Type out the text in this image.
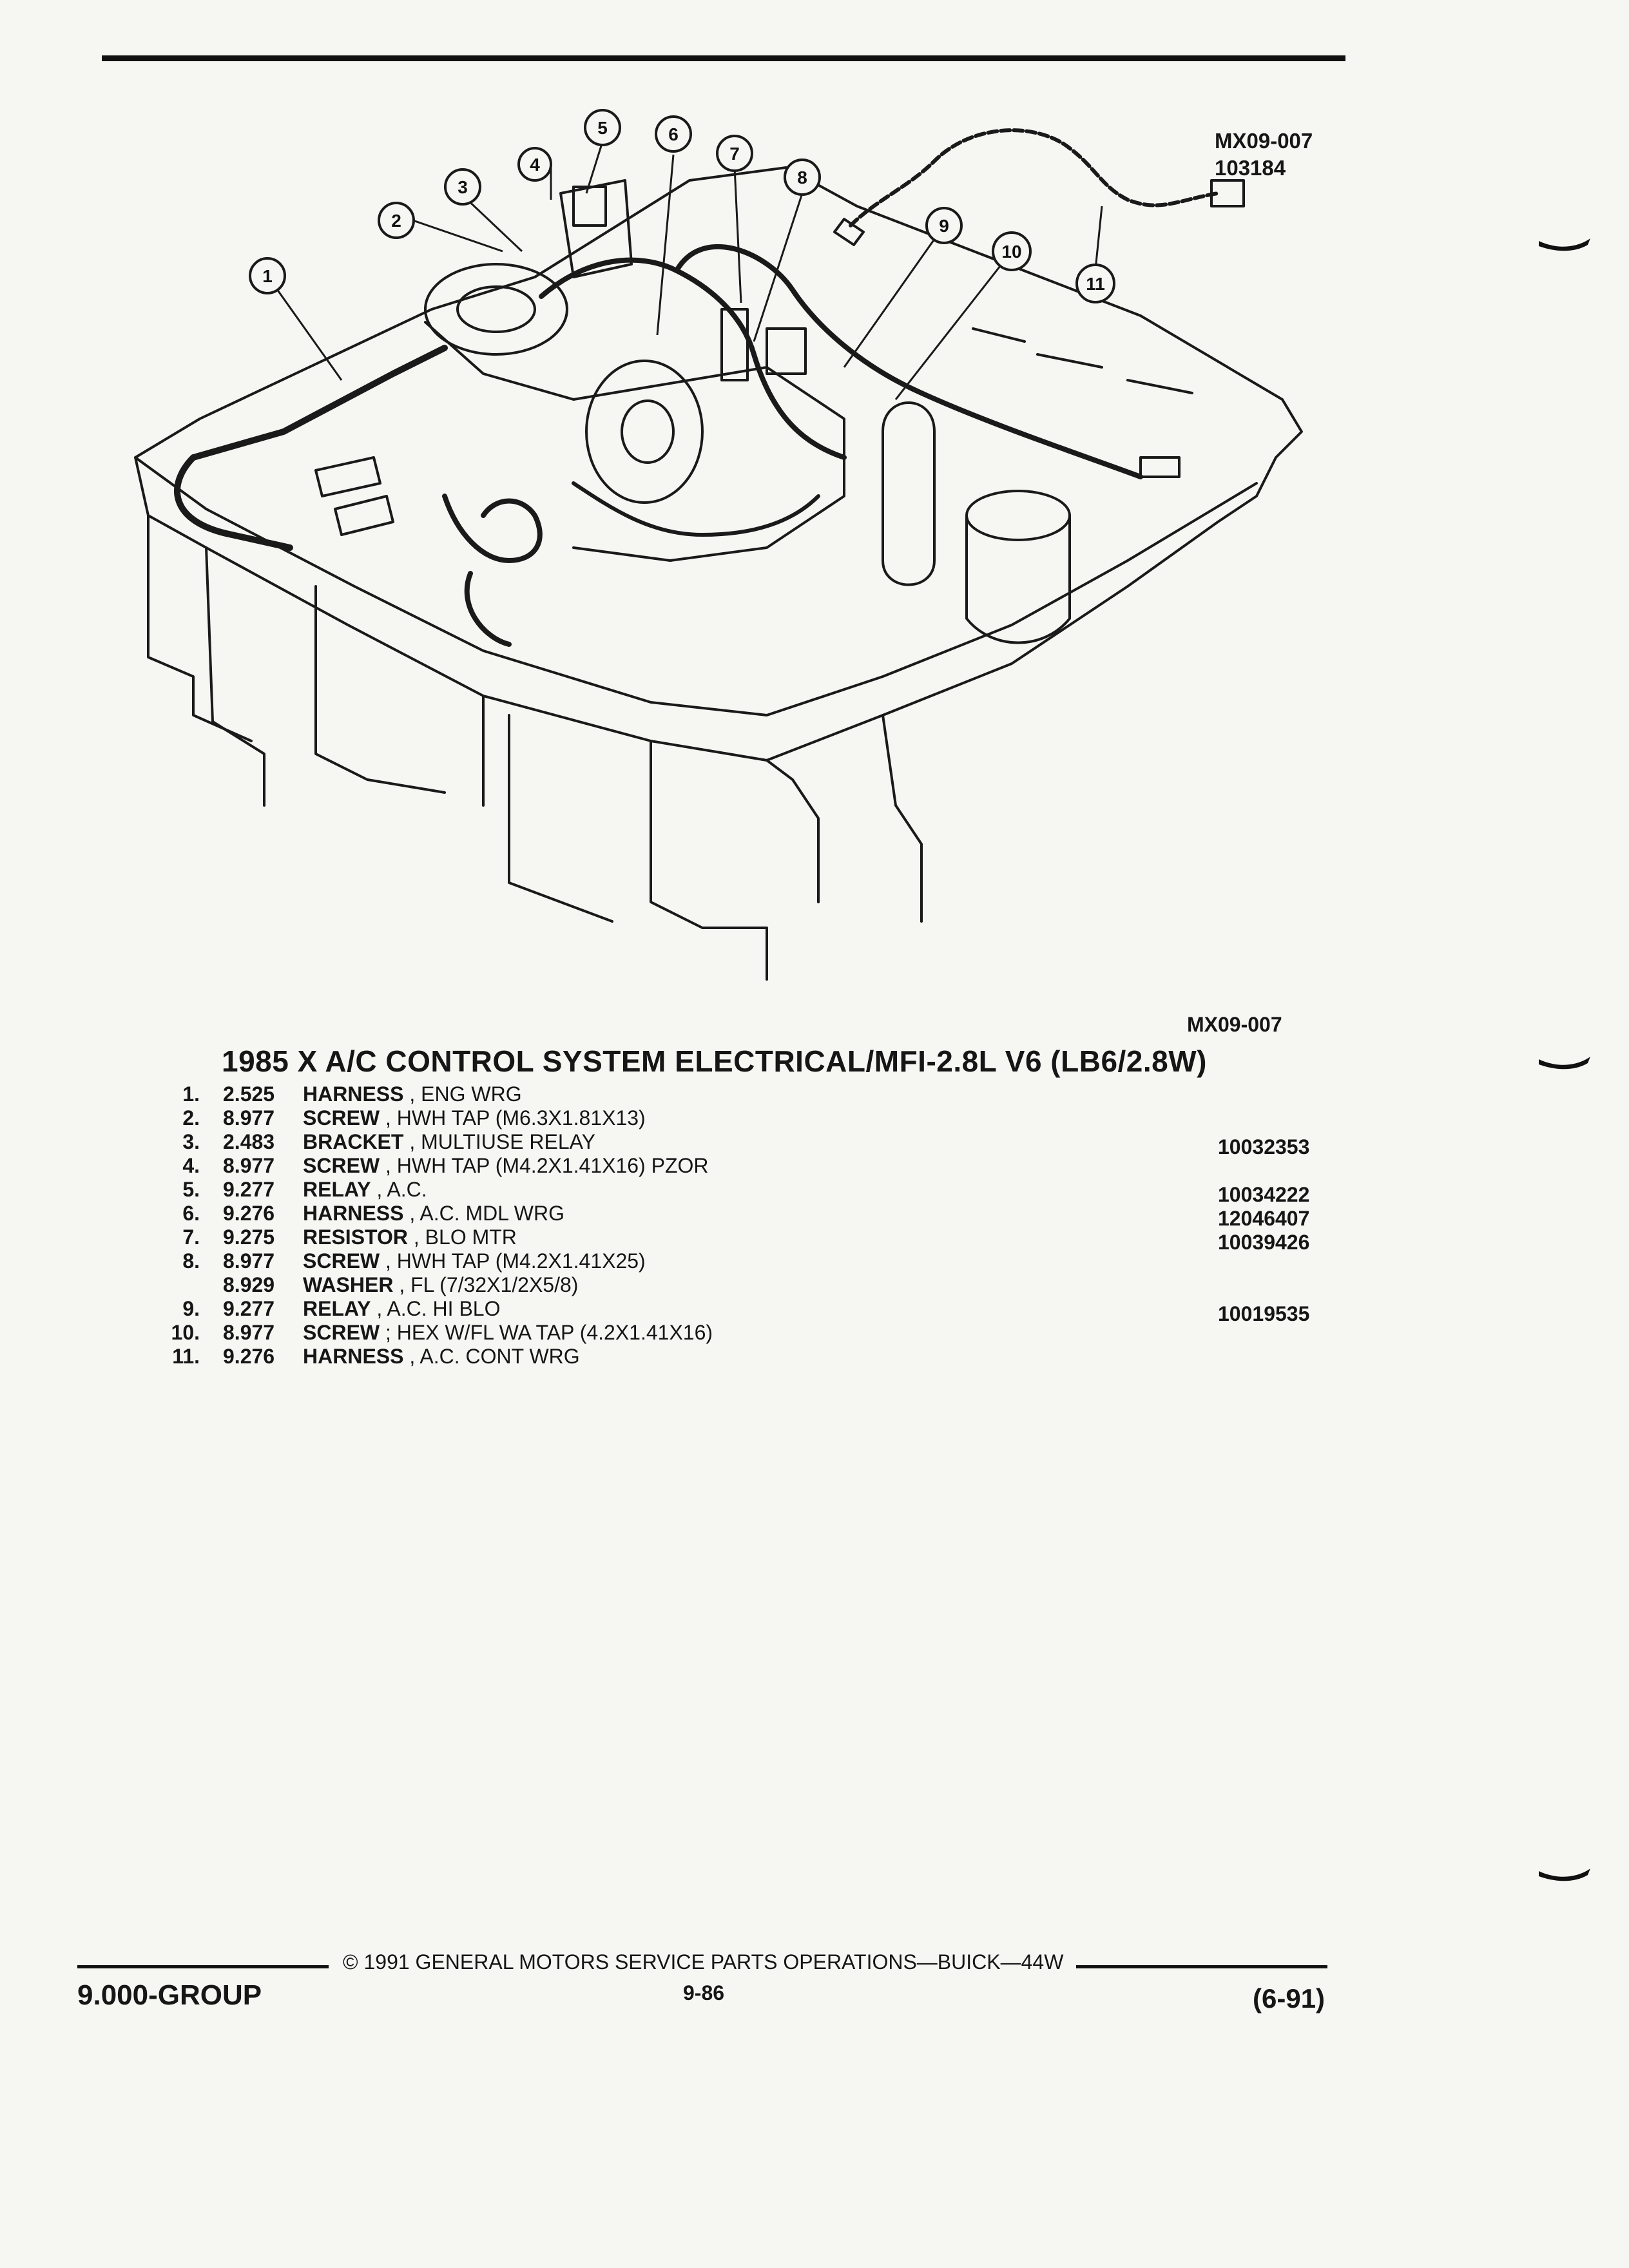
MX09-007
103184
1
2
3
4
5	6
7
8
9
10
11
MX09-007
1985 X A/C CONTROL SYSTEM ELECTRICAL/MFI-2.8L V6 (LB6/2.8W)
1. 2.525 HARNESS , ENG WRG
2. 8.977 SCREW , HWH TAP (M6.3X1.81X13)
3. 2.483 BRACKET , MULTIUSE RELAY	10032353
4. 8.977 SCREW , HWH TAP (M4.2X1.41X16) PZOR
5. 9.277 RELAY , A.C.	10034222
6. 9.276 HARNESS , A.C. MDL WRG	12046407
7. 9.275 RESISTOR , BLO MTR	10039426
8. 8.977 SCREW , HWH TAP (M4.2X1.41X25)
8.929 WASHER , FL (7/32X1/2X5/8)
9. 9.277 RELAY , A.C. HI BLO	10019535
10. 8.977 SCREW ; HEX W/FL WA TAP (4.2X1.41X16)
11. 9.276 HARNESS , A.C. CONT WRG
9.000-GROUP
© 1991 GENERAL MOTORS SERVICE PARTS OPERATIONS—BUICK—44W
9-86	(6-91)
